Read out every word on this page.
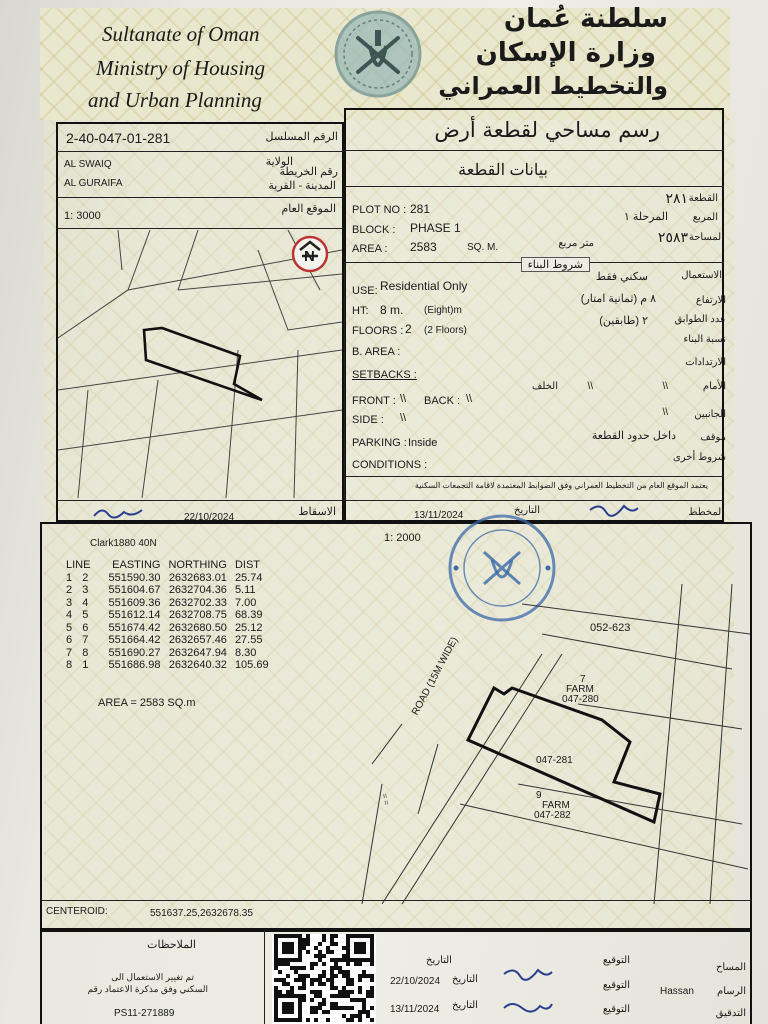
Sultanate of Oman
Ministry of Housing
and Urban Planning
سلطنة عُمان
وزارة الإسكان
والتخطيط العمراني
2-40-047-01-281	الرقم المسلسل
AL SWAIQ	الولاية
رقم الخريطة
AL GURAIFA	المدينة - القرية
الموقع العام
1: 3000
N
22/10/2024	الاسقاط
رسم مساحي لقطعة أرض
بيانات القطعة
PLOT NO : 281
BLOCK : PHASE 1
AREA : 2583	SQ. M.
٢٨١ القطعة
المرحلة ١ المربع
٢٥٨٣ المساحة
متر مربع
شروط البناء
USE: Residential Only
HT: 8 m. (Eight)m
FLOORS : 2 (2 Floors)
B. AREA :
SETBACKS :
FRONT : \\ BACK : \\
SIDE : \\
PARKING : Inside
CONDITIONS :
سكني فقط	الاستعمال
٨ م (ثمانية امتار)	الارتفاع
٢ (طابقين)	عدد الطوابق
نسبة البناء
الارتدادات
الخلف	\\	\\	الأمام
\\	الجانبين
داخل حدود القطعة موقف
شروط أخرى
يعتمد الموقع العام من التخطيط العمراني وفق الضوابط المعتمدة لاقامة التجمعات السكنية
13/11/2024	التاريخ	المخطط
Clark1880 40N	1: 2000
LINE		EASTING	NORTHING	DIST
1	2	551590.30	2632683.01	25.74
2	3	551604.67	2632704.36	5.11
3	4	551609.36	2632702.33	7.00
4	5	551612.14	2632708.75	68.39
5	6	551674.42	2632680.50	25.12
6	7	551664.42	2632657.46	27.55
7	8	551690.27	2632647.94	8.30
8	1	551686.98	2632640.32	105.69
AREA = 2583 SQ.m
= =
ROAD (15M WIDE)
052-623
7
FARM
047-280
047-281
9
FARM
047-282
CENTEROID:	551637.25,2632678.35
الملاحظات
تم تغيير الاستعمال الى
السكني وفق مذكرة الاعتماد رقم
PS11-271889
التاريخ
22/10/2024 التاريخ
13/11/2024 التاريخ
التوقيع
التوقيع
التوقيع
المساح
Hassan الرسام
التدقيق
